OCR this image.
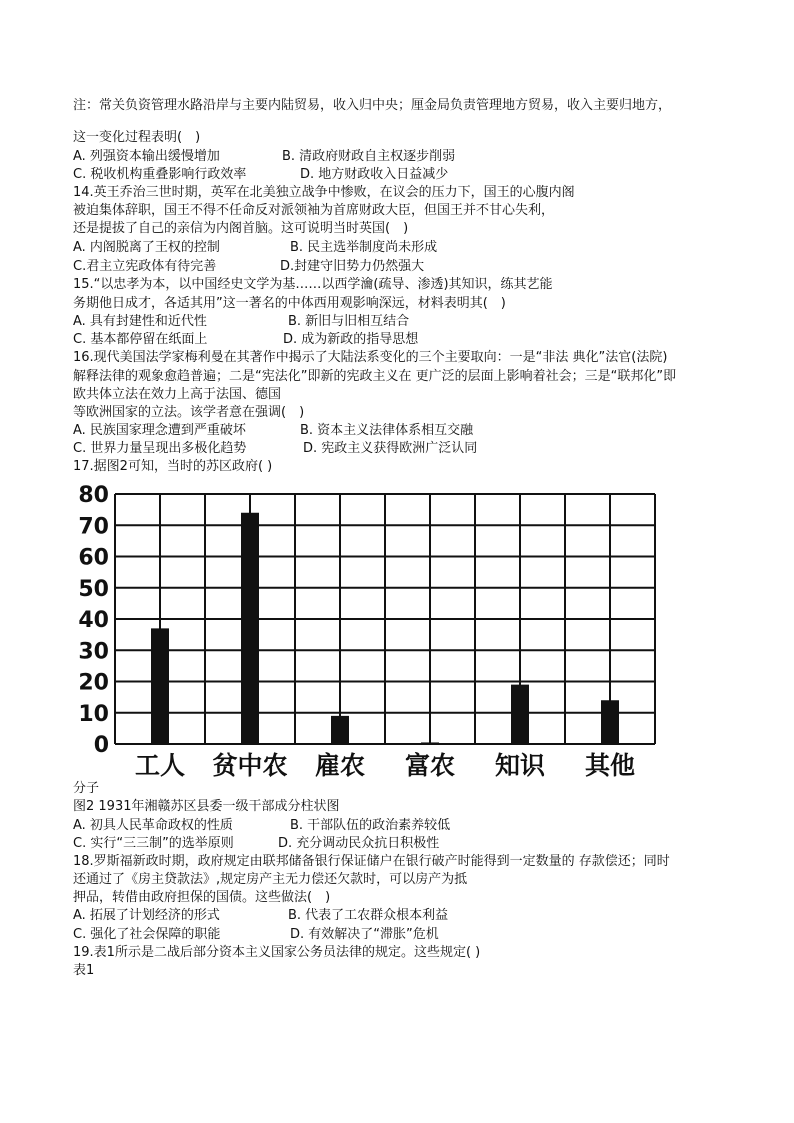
注：常关负资管理水路沿岸与主要内陆贸易，收入归中央；厘金局负责管理地方贸易，收入主要归地方，
这一变化过程表明(　)
A. 列强资本输出缓慢增加	B. 清政府财政自主权逐步削弱
C. 税收机构重叠影响行政效率	D. 地方财政收入日益减少
14.英王乔治三世时期，英军在北美独立战争中惨败，在议会的压力下，国王的心腹内阁
被迫集体辞职，国王不得不任命反对派领袖为首席财政大臣，但国王并不甘心失利，
还是提拔了自己的亲信为内阁首脑。这可说明当时英国(　)
A. 内阁脱离了王权的控制	B. 民主选举制度尚未形成
C.君主立宪政体有待完善	D.封建守旧势力仍然强大
15.“以忠孝为本，以中国经史文学为基……以西学瀹(疏导、渗透)其知识，练其艺能
务期他日成才，各适其用”这一著名的中体西用观影响深远，材料表明其(　)
A. 具有封建性和近代性	B. 新旧与旧相互结合
C. 基本都停留在纸面上	D. 成为新政的指导思想
16.现代美国法学家梅利曼在其著作中揭示了大陆法系变化的三个主要取向：一是“非法 典化”法官(法院)
解释法律的观象愈趋普遍；二是“宪法化”即新的宪政主义在 更广泛的层面上影响着社会；三是“联邦化”即
欧共体立法在效力上高于法国、德国
等欧洲国家的立法。该学者意在强调(　)
A. 民族国家理念遭到严重破坏	B. 资本主义法律体系相互交融
C. 世界力量呈现出多极化趋势	D. 宪政主义获得欧洲广泛认同
17.据图2可知，当时的苏区政府( )
0
10
20
30
40
50
60
70
80
工人 贫中农 雇农 富农 知识 其他
分子
图2 1931年湘赣苏区县委一级干部成分柱状图
A. 初具人民革命政权的性质	B. 干部队伍的政治素养较低
C. 实行“三三制”的选举原则	D. 充分调动民众抗日积极性
18.罗斯福新政时期，政府规定由联邦储备银行保证储户在银行破产时能得到一定数量的 存款偿还；同时
还通过了《房主贷款法》,规定房产主无力偿还欠款时，可以房产为抵
押品，转借由政府担保的国债。这些做法(　)
A. 拓展了计划经济的形式	B. 代表了工农群众根本利益
C. 强化了社会保障的职能	D. 有效解决了“滞胀”危机
19.表1所示是二战后部分资本主义国家公务员法律的规定。这些规定( )
表1
